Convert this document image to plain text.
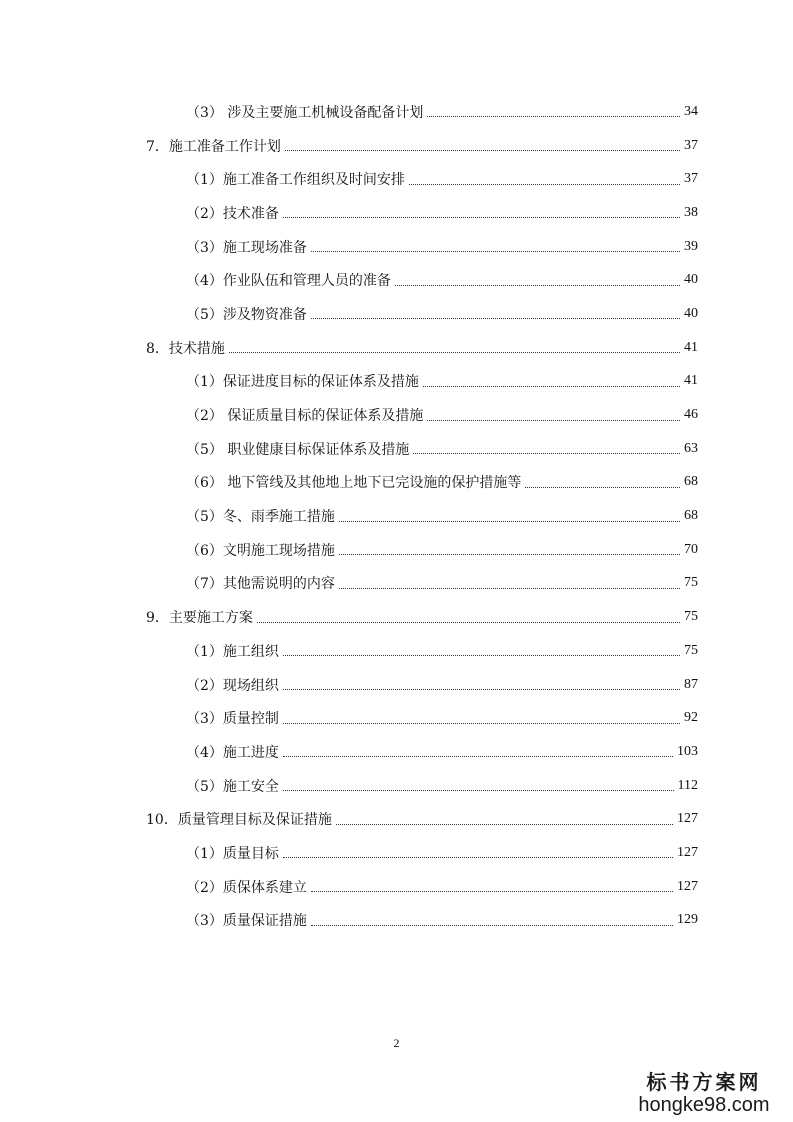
（3） 涉及主要施工机械设备配备计划	34
7．施工准备工作计划	37
（1）施工准备工作组织及时间安排	37
（2）技术准备	38
（3）施工现场准备	39
（4）作业队伍和管理人员的准备	40
（5）涉及物资准备	40
8．技术措施	41
（1）保证进度目标的保证体系及措施	41
（2） 保证质量目标的保证体系及措施	46
（5） 职业健康目标保证体系及措施	63
（6） 地下管线及其他地上地下已完设施的保护措施等	68
（5）冬、雨季施工措施	68
（6）文明施工现场措施	70
（7）其他需说明的内容	75
9．主要施工方案	75
（1）施工组织	75
（2）现场组织	87
（3）质量控制	92
（4）施工进度	103
（5）施工安全	112
10．质量管理目标及保证措施	127
（1）质量目标	127
（2）质保体系建立	127
（3）质量保证措施	129
2
标书方案网
hongke98.com
